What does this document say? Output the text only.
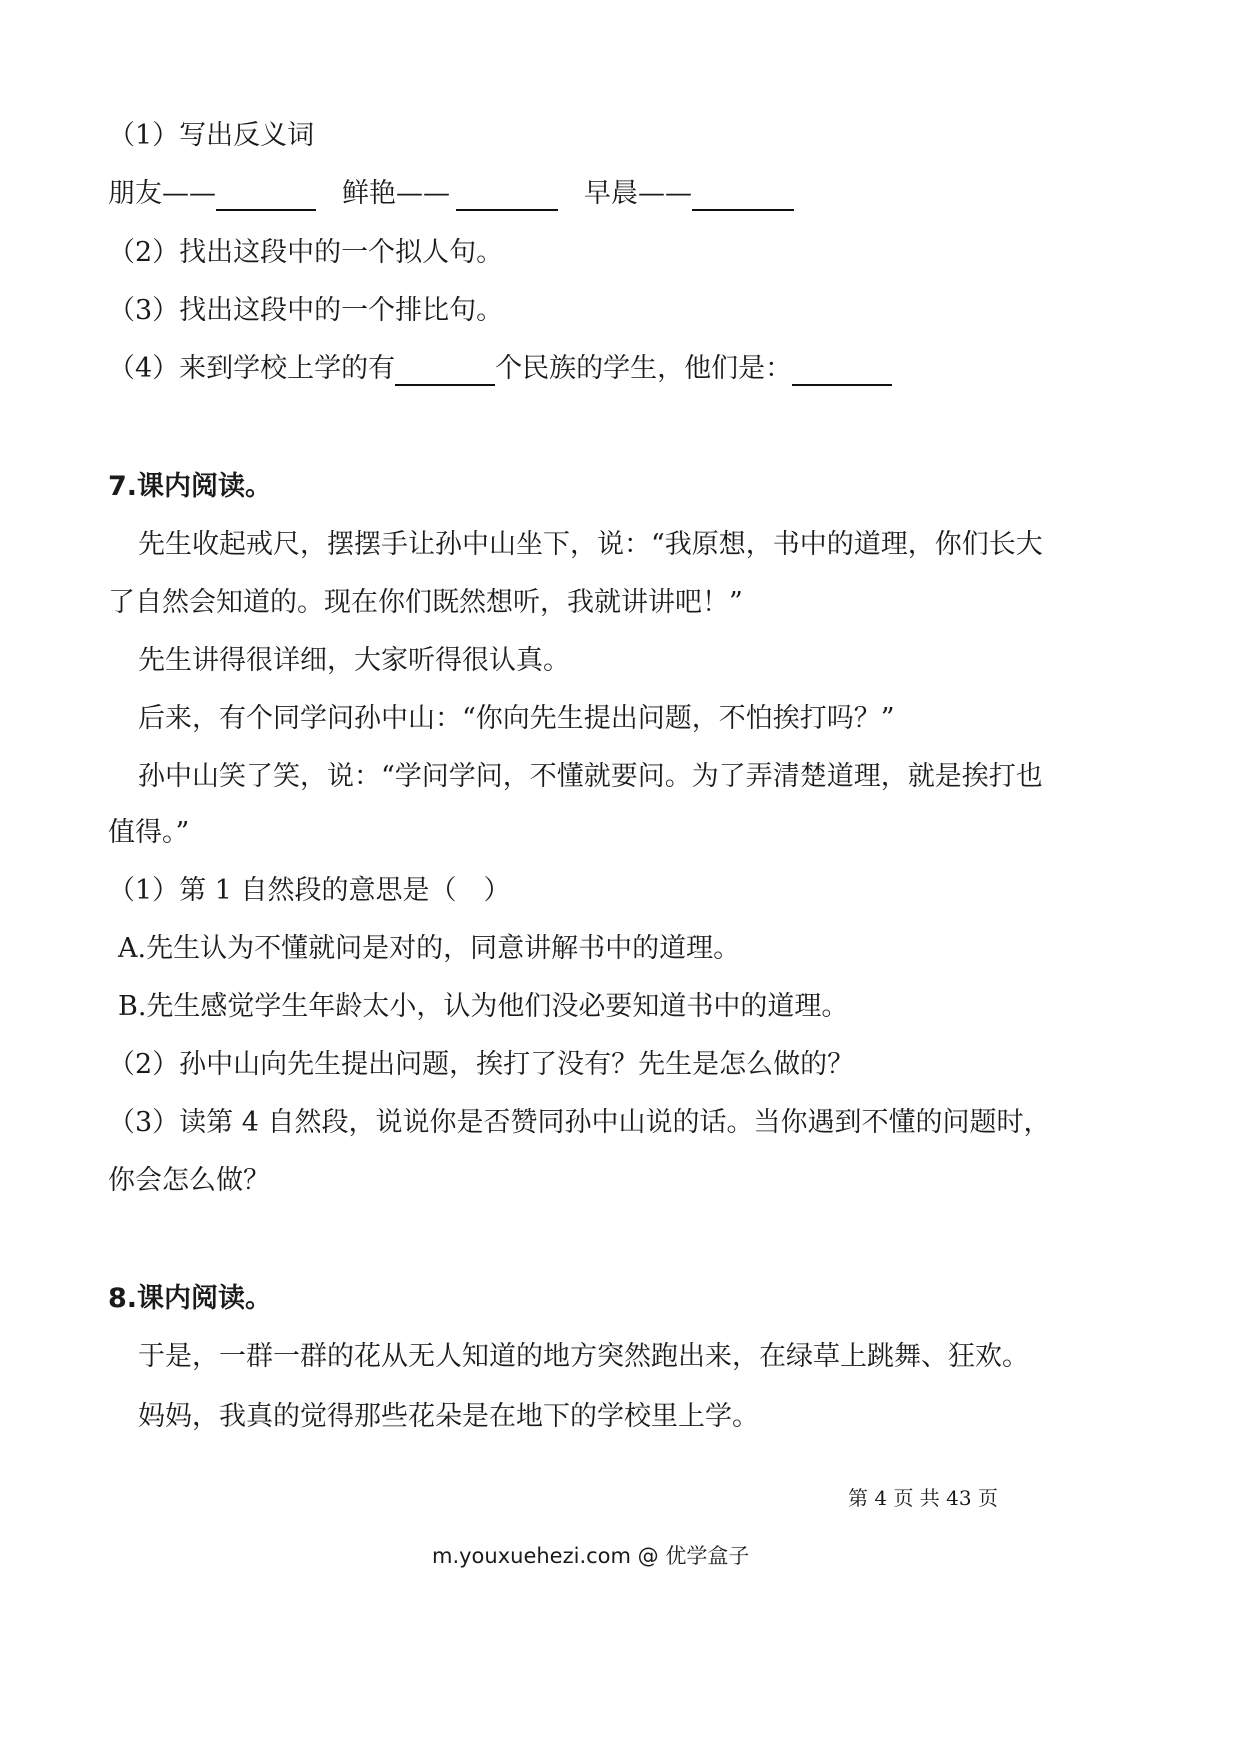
（1）写出反义词
朋友——	鲜艳——	早晨——
（2）找出这段中的一个拟人句。
（3）找出这段中的一个排比句。
（4）来到学校上学的有	个民族的学生，他们是：
7.课内阅读。
先生收起戒尺，摆摆手让孙中山坐下，说：“我原想，书中的道理，你们长大
了自然会知道的。现在你们既然想听，我就讲讲吧！”
先生讲得很详细，大家听得很认真。
后来，有个同学问孙中山：“你向先生提出问题，不怕挨打吗？”
孙中山笑了笑，说：“学问学问，不懂就要问。为了弄清楚道理，就是挨打也
值得。”
（1）第 1 自然段的意思是（　）
A.先生认为不懂就问是对的，同意讲解书中的道理。
B.先生感觉学生年龄太小，认为他们没必要知道书中的道理。
（2）孙中山向先生提出问题，挨打了没有？先生是怎么做的？
（3）读第 4 自然段，说说你是否赞同孙中山说的话。当你遇到不懂的问题时，
你会怎么做？
8.课内阅读。
于是，一群一群的花从无人知道的地方突然跑出来，在绿草上跳舞、狂欢。
妈妈，我真的觉得那些花朵是在地下的学校里上学。
第 4 页 共 43 页
m.youxuehezi.com @ 优学盒子
